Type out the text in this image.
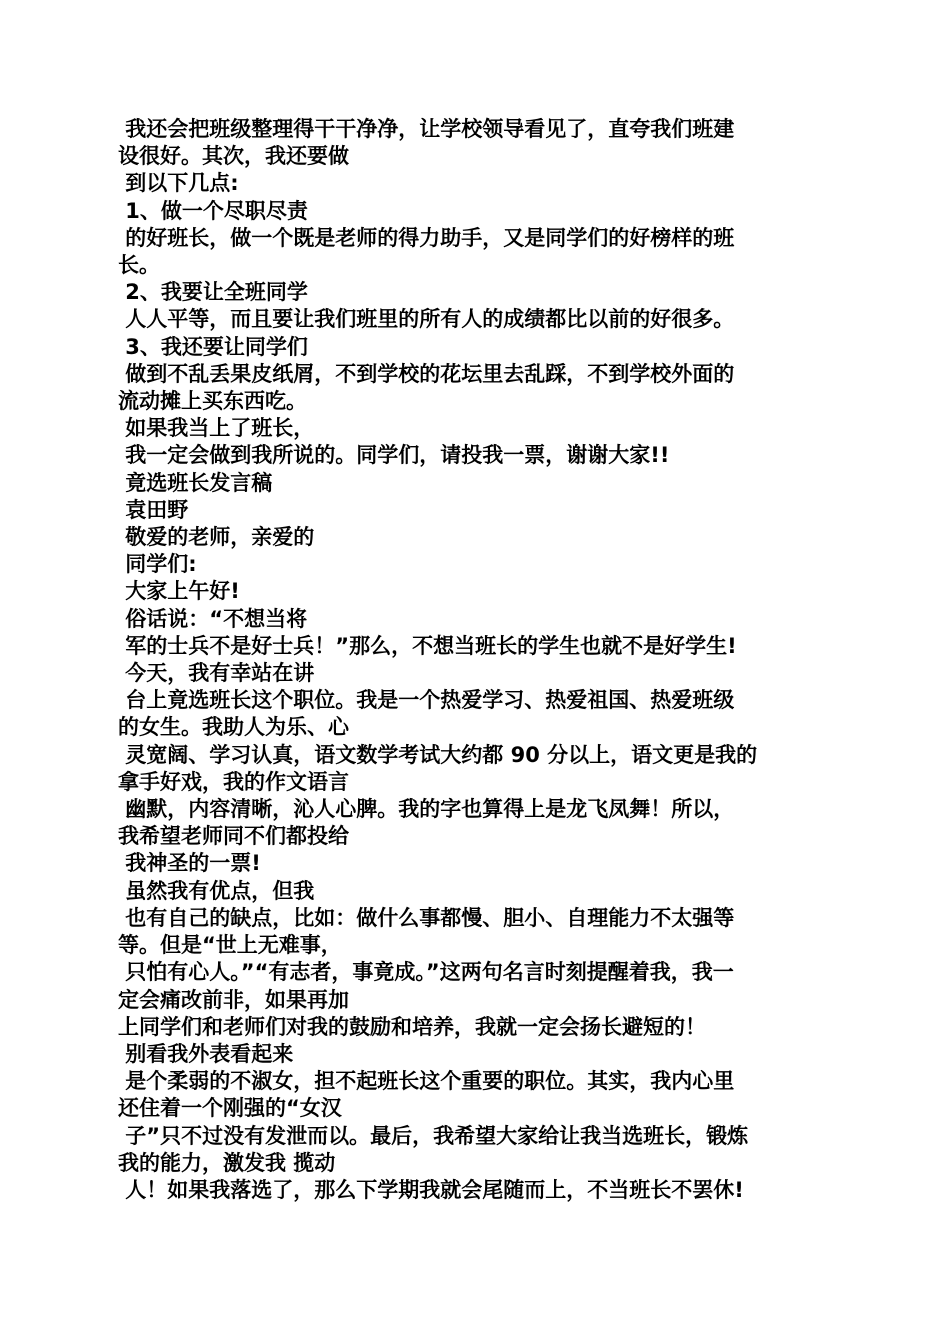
我还会把班级整理得干干净净，让学校领导看见了，直夸我们班建
设很好。其次，我还要做
到以下几点:
1、做一个尽职尽责
的好班长，做一个既是老师的得力助手，又是同学们的好榜样的班
长。
2、我要让全班同学
人人平等，而且要让我们班里的所有人的成绩都比以前的好很多。
3、我还要让同学们
做到不乱丢果皮纸屑，不到学校的花坛里去乱踩，不到学校外面的
流动摊上买东西吃。
如果我当上了班长，
我一定会做到我所说的。同学们，请投我一票，谢谢大家!!
竟选班长发言稿
袁田野
敬爱的老师，亲爱的
同学们:
大家上午好!
俗话说：“不想当将
军的士兵不是好士兵！”那么，不想当班长的学生也就不是好学生!
今天，我有幸站在讲
台上竟选班长这个职位。我是一个热爱学习、热爱祖国、热爱班级
的女生。我助人为乐、心
灵宽阔、学习认真，语文数学考试大约都 90 分以上，语文更是我的
拿手好戏，我的作文语言
幽默，内容清晰，沁人心脾。我的字也算得上是龙飞凤舞！所以，
我希望老师同不们都投给
我神圣的一票!
虽然我有优点，但我
也有自己的缺点，比如：做什么事都慢、胆小、自理能力不太强等
等。但是“世上无难事，
只怕有心人。”“有志者，事竟成。”这两句名言时刻提醒着我，我一
定会痛改前非，如果再加
上同学们和老师们对我的鼓励和培养，我就一定会扬长避短的！
别看我外表看起来
是个柔弱的不淑女，担不起班长这个重要的职位。其实，我内心里
还住着一个刚强的“女汉
子”只不过没有发泄而以。最后，我希望大家给让我当选班长，锻炼
我的能力，激发我 揽动
人！如果我落选了，那么下学期我就会尾随而上，不当班长不罢休!
